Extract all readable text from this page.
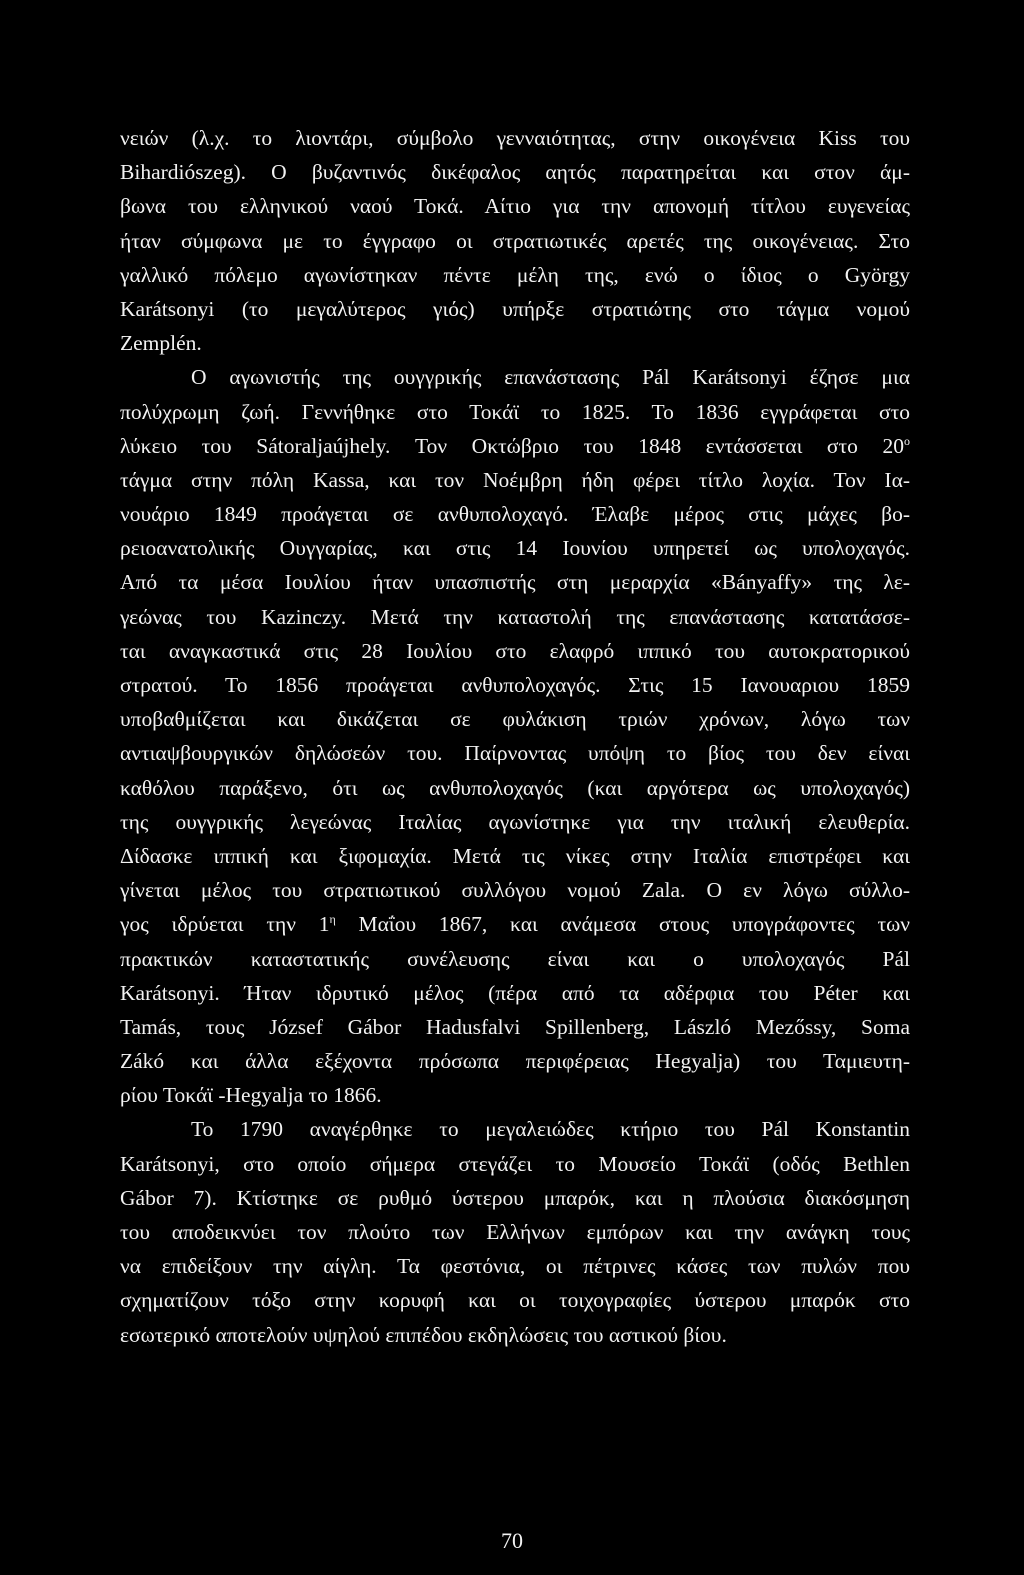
νειών (λ.χ. το λιοντάρι, σύμβολο γενναιότητας, στην οικογένεια Kiss του
Bihardiószeg). Ο βυζαντινός δικέφαλος αητός παρατηρείται και στον άμ-
βωνα του ελληνικού ναού Τοκά. Αίτιο για την απονομή τίτλου ευγενείας
ήταν σύμφωνα με το έγγραφο οι στρατιωτικές αρετές της οικογένειας. Στο
γαλλικό πόλεμο αγωνίστηκαν πέντε μέλη της, ενώ ο ίδιος ο György
Karátsonyi (το μεγαλύτερος γιός) υπήρξε στρατιώτης στο τάγμα νομού
Zemplén.
Ο αγωνιστής της ουγγρικής επανάστασης Pál Karátsonyi έζησε μια
πολύχρωμη ζωή. Γεννήθηκε στο Τοκάϊ το 1825. Το 1836 εγγράφεται στο
λύκειο του Sátoraljaújhely. Τον Οκτώβριο του 1848 εντάσσεται στο $20^o$
τάγμα στην πόλη Kassa, και τον Νοέμβρη ήδη φέρει τίτλο λοχία. Τον Ια-
νουάριο 1849 προάγεται σε ανθυπολοχαγό. Έλαβε μέρος στις μάχες βο-
ρειοανατολικής Ουγγαρίας, και στις 14 Ιουνίου υπηρετεί ως υπολοχαγός.
Από τα μέσα Ιουλίου ήταν υπασπιστής στη μεραρχία «Bányaffy» της λε-
γεώνας του Kazinczy. Μετά την καταστολή της επανάστασης κατατάσσε-
ται αναγκαστικά στις 28 Ιουλίου στο ελαφρό ιππικό του αυτοκρατορικού
στρατού. Το 1856 προάγεται ανθυπολοχαγός. Στις 15 Ιανουαριου 1859
υποβαθμίζεται και δικάζεται σε φυλάκιση τριών χρόνων, λόγω των
αντιαψβουργικών δηλώσεών του. Παίρνοντας υπόψη το βίος του δεν είναι
καθόλου παράξενο, ότι ως ανθυπολοχαγός (και αργότερα ως υπολοχαγός)
της ουγγρικής λεγεώνας Ιταλίας αγωνίστηκε για την ιταλική ελευθερία.
Δίδασκε ιππική και ξιφομαχία. Μετά τις νίκες στην Ιταλία επιστρέφει και
γίνεται μέλος του στρατιωτικού συλλόγου νομού Zala. Ο εν λόγω σύλλο-
γος ιδρύεται την $1^\eta$ Μαΐου 1867, και ανάμεσα στους υπογράφοντες των
πρακτικών καταστατικής συνέλευσης είναι και ο υπολοχαγός Pál
Karátsonyi. Ήταν ιδρυτικό μέλος (πέρα από τα αδέρφια του Péter και
Tamás, τους József Gábor Hadusfalvi Spillenberg, László Mezőssy, Soma
Zákó και άλλα εξέχοντα πρόσωπα περιφέρειας Hegyalja) του Ταμιευτη-
ρίου Τοκάϊ -Hegyalja το 1866.
Το 1790 αναγέρθηκε το μεγαλειώδες κτήριο του Pál Konstantin
Karátsonyi, στο οποίο σήμερα στεγάζει το Μουσείο Τοκάϊ (οδός Bethlen
Gábor 7). Κτίστηκε σε ρυθμό ύστερου μπαρόκ, και η πλούσια διακόσμηση
του αποδεικνύει τον πλούτο των Ελλήνων εμπόρων και την ανάγκη τους
να επιδείξουν την αίγλη. Τα φεστόνια, οι πέτρινες κάσες των πυλών που
σχηματίζουν τόξο στην κορυφή και οι τοιχογραφίες ύστερου μπαρόκ στο
εσωτερικό αποτελούν υψηλού επιπέδου εκδηλώσεις του αστικού βίου.
70
